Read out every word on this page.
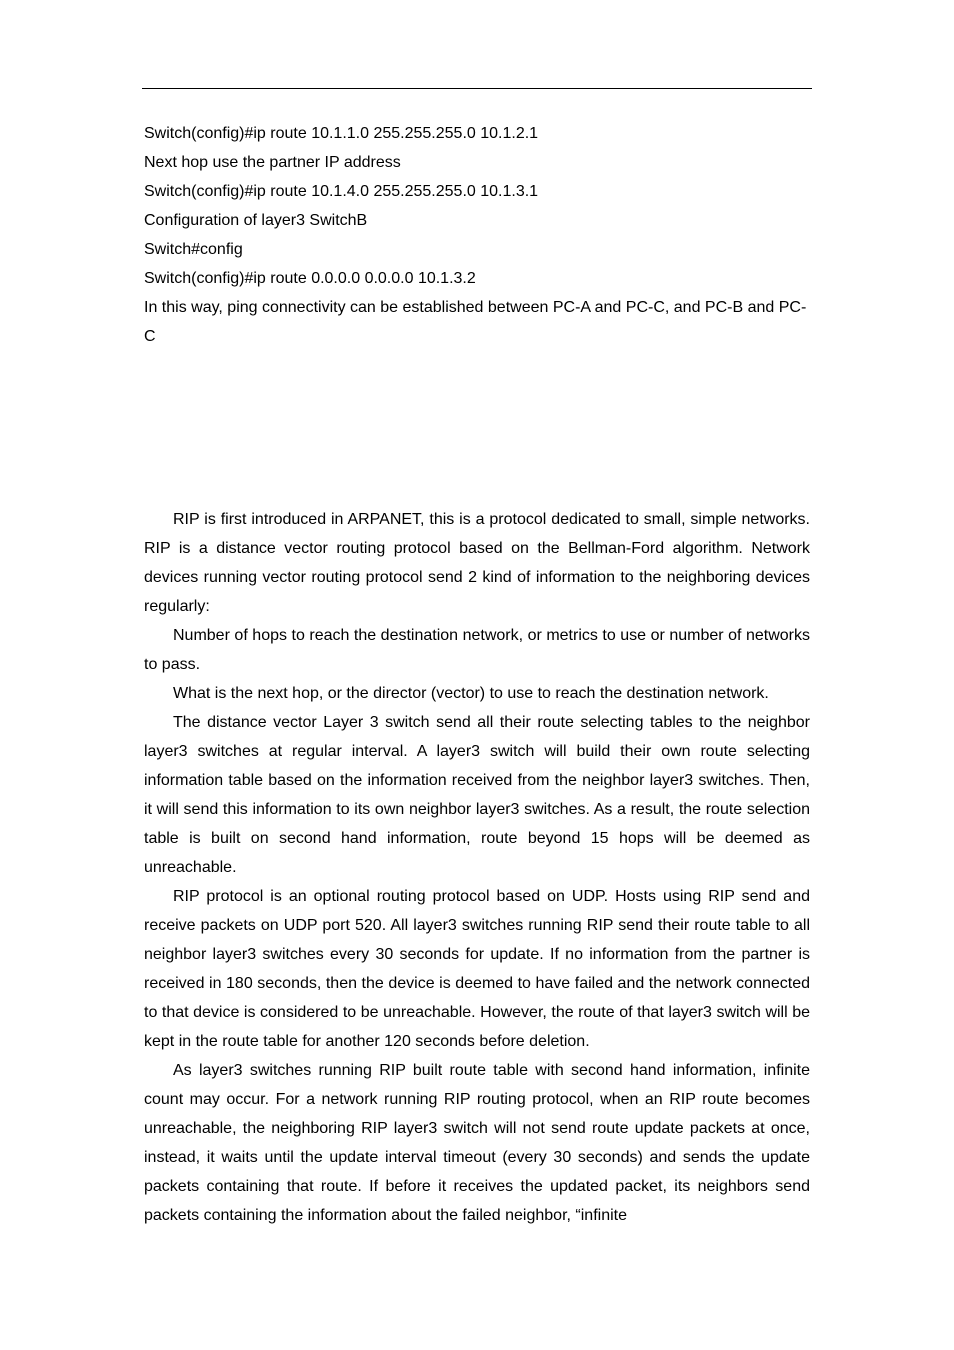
Switch(config)#ip route 10.1.1.0 255.255.255.0 10.1.2.1
Next hop use the partner IP address
Switch(config)#ip route 10.1.4.0 255.255.255.0 10.1.3.1
Configuration of layer3 SwitchB
Switch#config
Switch(config)#ip route 0.0.0.0 0.0.0.0 10.1.3.2
In this way, ping connectivity can be established between PC-A and PC-C, and PC-B and PC-C

RIP is first introduced in ARPANET, this is a protocol dedicated to small, simple networks. RIP is a distance vector routing protocol based on the Bellman-Ford algorithm. Network devices running vector routing protocol send 2 kind of information to the neighboring devices regularly:

Number of hops to reach the destination network, or metrics to use or number of networks to pass.

What is the next hop, or the director (vector) to use to reach the destination network.

The distance vector Layer 3 switch send all their route selecting tables to the neighbor layer3 switches at regular interval. A layer3 switch will build their own route selecting information table based on the information received from the neighbor layer3 switches. Then, it will send this information to its own neighbor layer3 switches. As a result, the route selection table is built on second hand information, route beyond 15 hops will be deemed as unreachable.

RIP protocol is an optional routing protocol based on UDP. Hosts using RIP send and receive packets on UDP port 520. All layer3 switches running RIP send their route table to all neighbor layer3 switches every 30 seconds for update. If no information from the partner is received in 180 seconds, then the device is deemed to have failed and the network connected to that device is considered to be unreachable. However, the route of that layer3 switch will be kept in the route table for another 120 seconds before deletion.

As layer3 switches running RIP built route table with second hand information, infinite count may occur. For a network running RIP routing protocol, when an RIP route becomes unreachable, the neighboring RIP layer3 switch will not send route update packets at once, instead, it waits until the update interval timeout (every 30 seconds) and sends the update packets containing that route. If before it receives the updated packet, its neighbors send packets containing the information about the failed neighbor, “infinite
